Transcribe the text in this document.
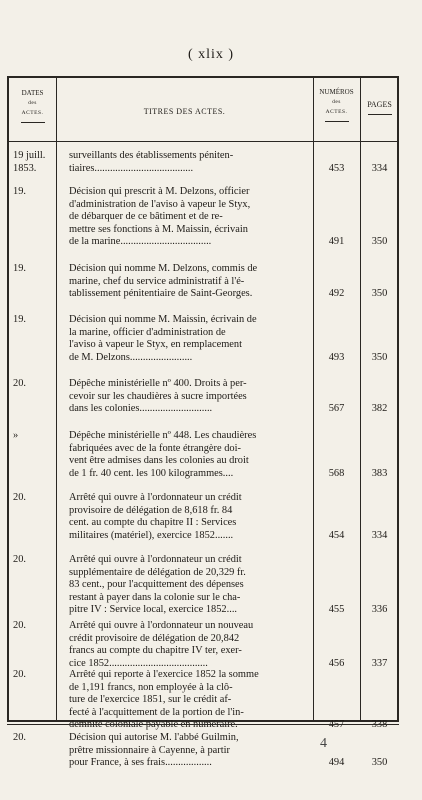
( xlix )
DATES
des
ACTES.	TITRES DES ACTES.
NUMÉROS
des
ACTES.
PAGES
19 juill.
1853.
surveillants des établissements péniten-
tiaires......................................	453	334
19.	Décision qui prescrit à M. Delzons, officier
d'administration de l'aviso à vapeur le Styx,
de débarquer de ce bâtiment et de re-
mettre ses fonctions à M. Maissin, écrivain
de la marine...................................	491	350
19.	Décision qui nomme M. Delzons, commis de
marine, chef du service administratif à l'é-
tablissement pénitentiaire de Saint-Georges.	492	350
19.	Décision qui nomme M. Maissin, écrivain de
la marine, officier d'administration de
l'aviso à vapeur le Styx, en remplacement
de M. Delzons........................	493	350
20.	Dépêche ministérielle nº 400. Droits à per-
cevoir sur les chaudières à sucre importées
dans les colonies............................	567	382
»	Dépêche ministérielle nº 448. Les chaudières
fabriquées avec de la fonte étrangère doi-
vent être admises dans les colonies au droit
de 1 fr. 40 cent. les 100 kilogrammes....	568	383
20.	Arrêté qui ouvre à l'ordonnateur un crédit
provisoire de délégation de 8,618 fr. 84
cent. au compte du chapitre II : Services
militaires (matériel), exercice 1852.......	454	334
20.	Arrêté qui ouvre à l'ordonnateur un crédit
supplémentaire de délégation de 20,329 fr.
83 cent., pour l'acquittement des dépenses
restant à payer dans la colonie sur le cha-
pitre IV : Service local, exercice 1852....	455	336
20.	Arrêté qui ouvre à l'ordonnateur un nouveau
crédit provisoire de délégation de 20,842
francs au compte du chapitre IV ter, exer-
cice 1852......................................	456	337
20.	Arrêté qui reporte à l'exercice 1852 la somme
de 1,191 francs, non employée à la clô-
ture de l'exercice 1851, sur le crédit af-
fecté à l'acquittement de la portion de l'in-
demnité coloniale payable en numéraire.	457	338
20.	Décision qui autorise M. l'abbé Guilmin,
prêtre missionnaire à Cayenne, à partir
pour France, à ses frais..................	494	350
4
